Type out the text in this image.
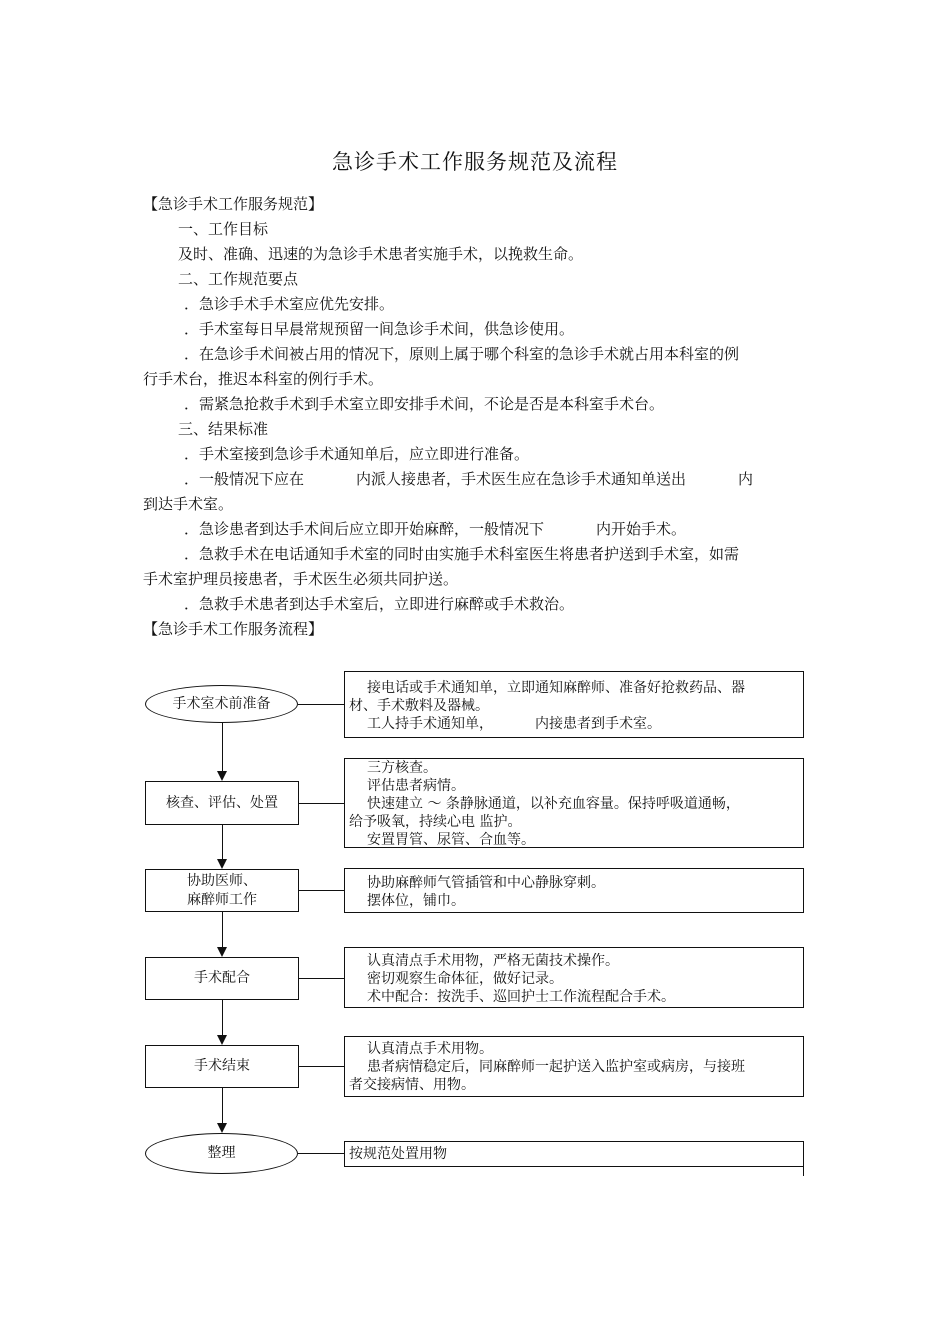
急诊手术工作服务规范及流程
【急诊手术工作服务规范】
一、工作目标
及时、准确、迅速的为急诊手术患者实施手术，以挽救生命。
二、工作规范要点
．急诊手术手术室应优先安排。
．手术室每日早晨常规预留一间急诊手术间，供急诊使用。
．在急诊手术间被占用的情况下，原则上属于哪个科室的急诊手术就占用本科室的例
行手术台，推迟本科室的例行手术。
．需紧急抢救手术到手术室立即安排手术间，不论是否是本科室手术台。
三、结果标准
．手术室接到急诊手术通知单后，应立即进行准备。
．一般情况下应在	内派人接患者，手术医生应在急诊手术通知单送出	内
到达手术室。
．急诊患者到达手术间后应立即开始麻醉，一般情况下	内开始手术。
．急救手术在电话通知手术室的同时由实施手术科室医生将患者护送到手术室，如需
手术室护理员接患者，手术医生必须共同护送。
．急救手术患者到达手术室后，立即进行麻醉或手术救治。
【急诊手术工作服务流程】
手术室术前准备
核查、评估、处置
协助医师、
麻醉师工作
手术配合
手术结束
整理
接电话或手术通知单，立即通知麻醉师、准备好抢救药品、器
材、手术敷料及器械。
工人持手术通知单，	内接患者到手术室。
三方核查。
评估患者病情。
快速建立 ～ 条静脉通道，以补充血容量。保持呼吸道通畅，
给予吸氧，持续心电 监护。
安置胃管、尿管、合血等。
协助麻醉师气管插管和中心静脉穿刺。
摆体位，铺巾。
认真清点手术用物，严格无菌技术操作。
密切观察生命体征，做好记录。
术中配合：按洗手、巡回护士工作流程配合手术。
认真清点手术用物。
患者病情稳定后，同麻醉师一起护送入监护室或病房，与接班
者交接病情、用物。
按规范处置用物
